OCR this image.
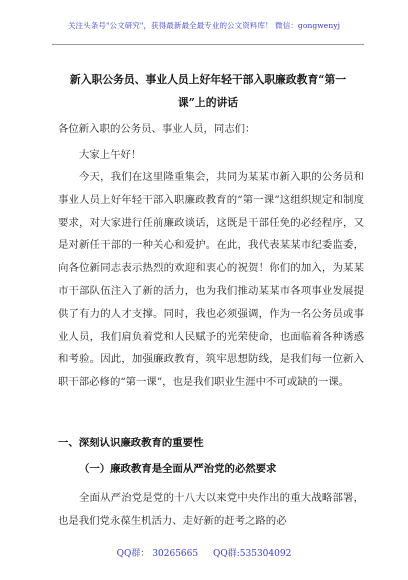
关注头条号"公文研究"，获得最新最全最专业的公文资料库！ 微信：gongwenyj
新入职公务员、事业人员上好年轻干部入职廉政教育“第一课”上的讲话
各位新入职的公务员、事业人员，同志们：
大家上午好！
今天，我们在这里隆重集会，共同为某某市新入职的公务员和事业人员上好年轻干部入职廉政教育的“第一课”这组织规定和制度要求，对大家进行任前廉政谈话，这既是干部任免的必经程序，又是对新任干部的一种关心和爱护。在此，我代表某某市纪委监委，向各位新同志表示热烈的欢迎和衷心的祝贺！你们的加入，为某某市干部队伍注入了新的活力，也为我们推动某某市各项事业发展提供了有力的人才支撑。同时，我也必须强调，作为一名公务员或事业人员，我们肩负着党和人民赋予的光荣使命，也面临着各种诱惑和考验。因此，加强廉政教育，筑牢思想防线，是我们每一位新入职干部必修的“第一课”，也是我们职业生涯中不可或缺的一课。
一、深刻认识廉政教育的重要性
（一）廉政教育是全面从严治党的必然要求
全面从严治党是党的十八大以来党中央作出的重大战略部署，也是我们党永葆生机活力、走好新的赶考之路的必
QQ群： 30265665 QQ群:535304092
